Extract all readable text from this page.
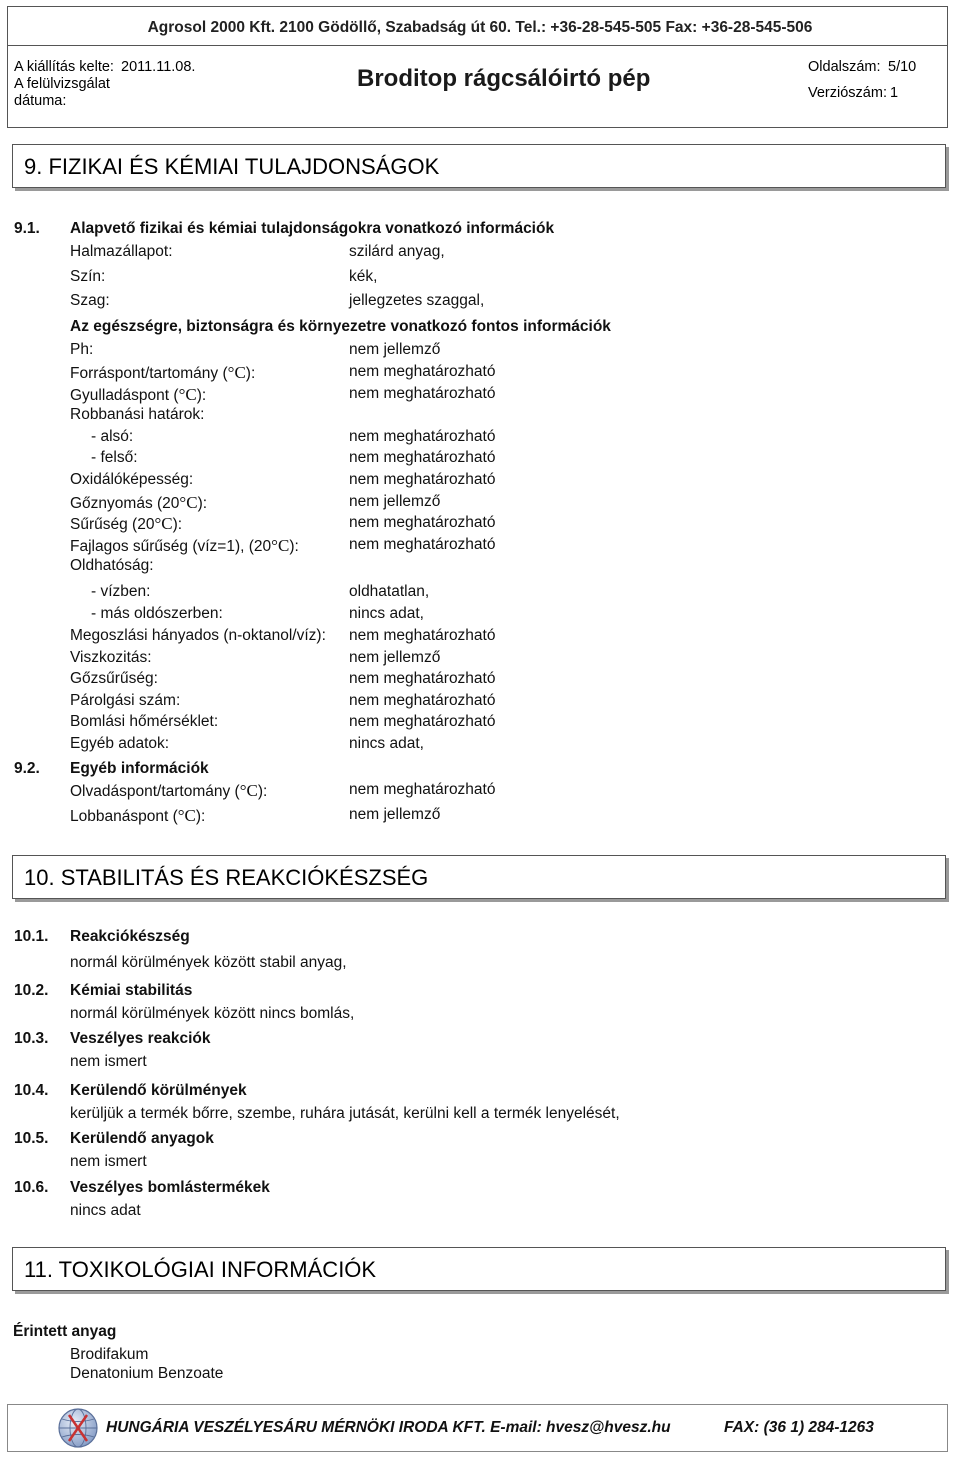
Agrosol 2000 Kft. 2100 Gödöllő, Szabadság út 60. Tel.: +36-28-545-505 Fax: +36-28-545-506
A kiállítás kelte: 2011.11.08.
A felülvizsgálat
dátuma:
Broditop rágcsálóirtó pép	Oldalszám: 5/10
Verziószám: 1
9. FIZIKAI ÉS KÉMIAI TULAJDONSÁGOK
9.1. Alapvető fizikai és kémiai tulajdonságokra vonatkozó információk
Halmazállapot:	szilárd anyag,
Szín:	kék,
Szag:	jellegzetes szaggal,
Az egészségre, biztonságra és környezetre vonatkozó fontos információk
Ph:	nem jellemző
Forráspont/tartomány (°C):	nem meghatározható
Gyulladáspont (°C):	nem meghatározható
Robbanási határok:
- alsó:	nem meghatározható
- felső:	nem meghatározható
Oxidálóképesség:	nem meghatározható
Gőznyomás (20°C):	nem jellemző
Sűrűség (20°C):	nem meghatározható
Fajlagos sűrűség (víz=1), (20°C):	nem meghatározható
Oldhatóság:
- vízben:	oldhatatlan,
- más oldószerben:	nincs adat,
Megoszlási hányados (n-oktanol/víz): nem meghatározható
Viszkozitás:	nem jellemző
Gőzsűrűség:	nem meghatározható
Párolgási szám:	nem meghatározható
Bomlási hőmérséklet:	nem meghatározható
Egyéb adatok:	nincs adat,
9.2. Egyéb információk
Olvadáspont/tartomány (°C):	nem meghatározható
Lobbanáspont (°C):	nem jellemző
10. STABILITÁS ÉS REAKCIÓKÉSZSÉG
10.1. Reakciókészség
normál körülmények között stabil anyag,
10.2. Kémiai stabilitás
normál körülmények között nincs bomlás,
10.3. Veszélyes reakciók
nem ismert
10.4. Kerülendő körülmények
kerüljük a termék bőrre, szembe, ruhára jutását, kerülni kell a termék lenyelését,
10.5. Kerülendő anyagok
nem ismert
10.6. Veszélyes bomlástermékek
nincs adat
11. TOXIKOLÓGIAI INFORMÁCIÓK
Érintett anyag
Brodifakum
Denatonium Benzoate
HUNGÁRIA VESZÉLYESÁRU MÉRNÖKI IRODA KFT. E-mail: hvesz@hvesz.hu	FAX: (36 1) 284-1263
